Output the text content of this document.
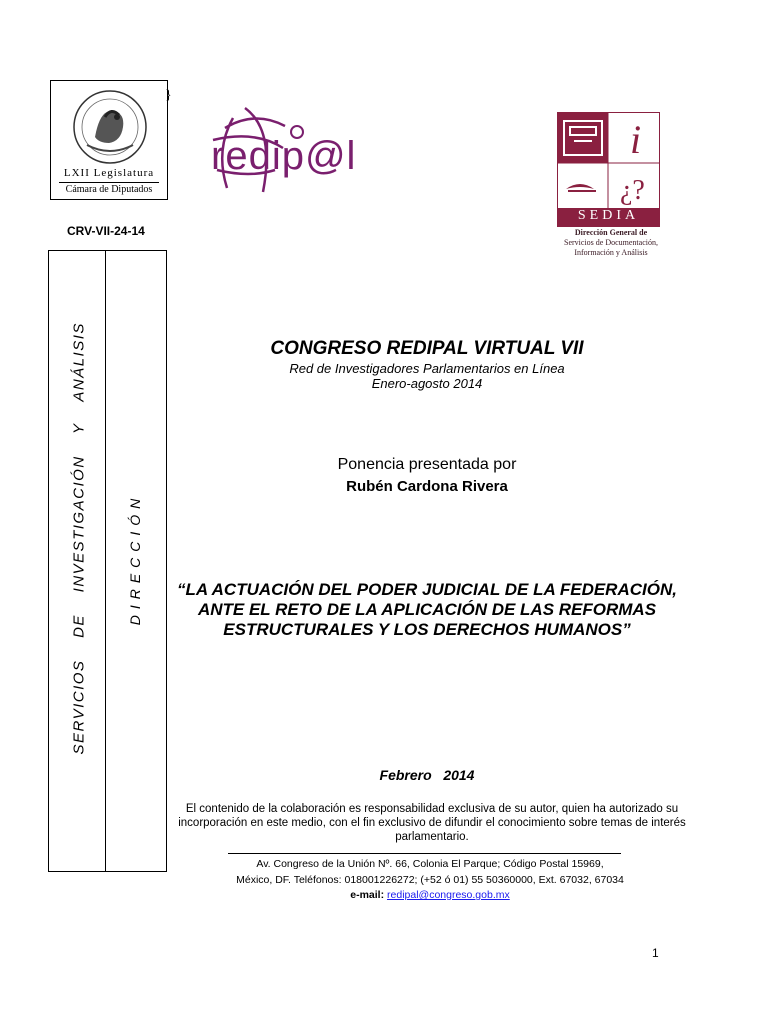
LXII Legislatura
Cámara de Diputados
}
redip@l	i
¿?
SEDIA
Dirección General de
Servicios de Documentación,
Información y Análisis
CRV-VII-24-14
SERVICIOS DE INVESTIGACIÓN Y ANÁLISIS	DIRECCIÓN
CONGRESO REDIPAL VIRTUAL VII
Red de Investigadores Parlamentarios en Línea
Enero-agosto 2014
Ponencia presentada por
Rubén Cardona Rivera
“LA ACTUACIÓN DEL PODER JUDICIAL DE LA FEDERACIÓN, ANTE EL RETO DE LA APLICACIÓN DE LAS REFORMAS ESTRUCTURALES Y LOS DERECHOS HUMANOS”
Febrero   2014
El contenido de la colaboración es responsabilidad exclusiva de su autor, quien ha autorizado su incorporación en este medio, con el fin exclusivo de difundir el conocimiento sobre temas de interés parlamentario.
Av. Congreso de la Unión Nº. 66, Colonia El Parque; Código Postal 15969,
México, DF. Teléfonos: 018001226272; (+52 ó 01) 55 50360000, Ext. 67032, 67034
e-mail: redipal@congreso.gob.mx
1
